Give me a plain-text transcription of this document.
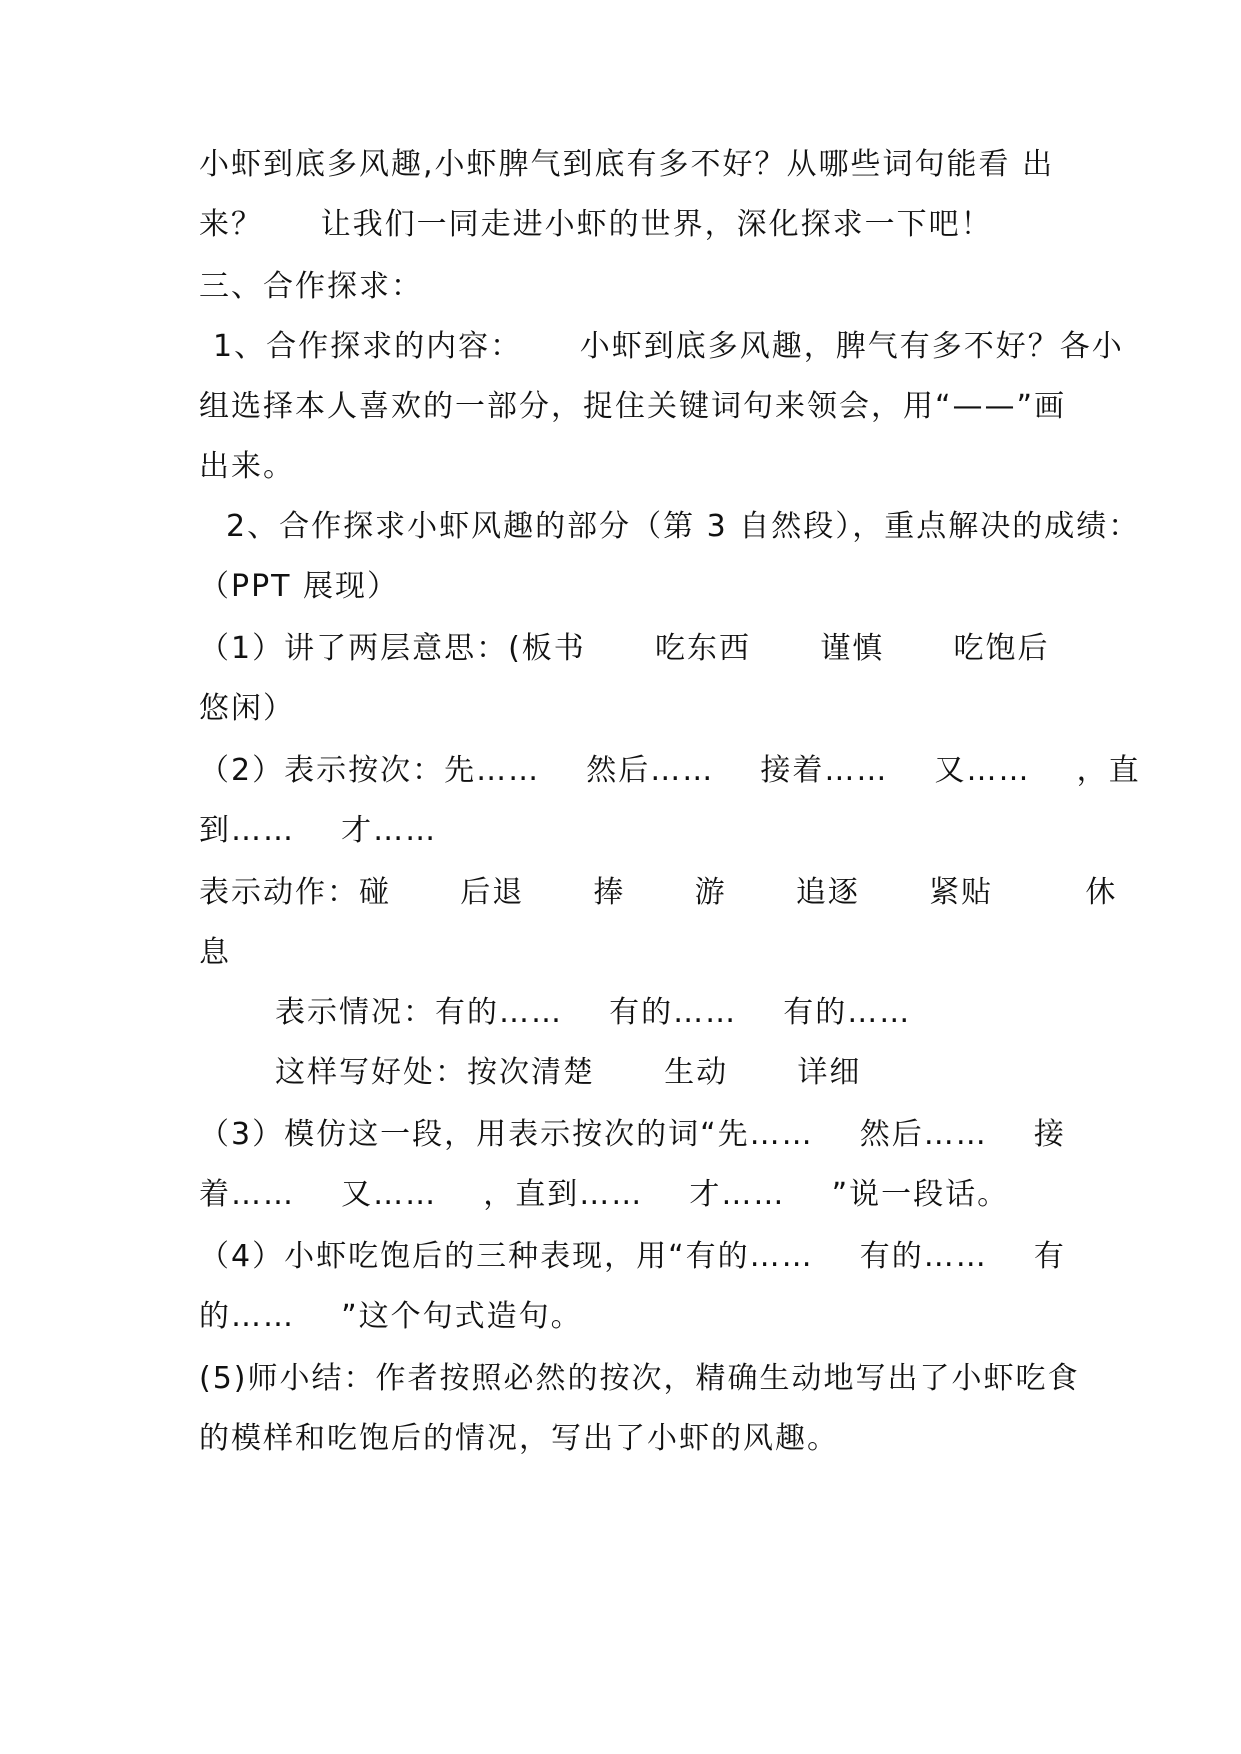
小虾到底多风趣,小虾脾气到底有多不好？从哪些词句能看 出
来？     让我们一同走进小虾的世界，深化探求一下吧！
三、合作探求：
1、合作探求的内容：     小虾到底多风趣，脾气有多不好？各小
组选择本人喜欢的一部分，捉住关键词句来领会，用“——”画
出来。
2、合作探求小虾风趣的部分（第 3 自然段），重点解决的成绩：
（PPT 展现）
（1）讲了两层意思：(板书      吃东西      谨慎      吃饱后
悠闲）
（2）表示按次：先……    然后……    接着……    又……    ，直
到……    才……
表示动作：碰      后退      捧      游      追逐      紧贴        休
息
表示情况：有的……    有的……    有的……
这样写好处：按次清楚      生动      详细
（3）模仿这一段，用表示按次的词“先……    然后……    接
着……    又……    ，直到……    才……    ”说一段话。
（4）小虾吃饱后的三种表现，用“有的……    有的……    有
的……    ”这个句式造句。
(5)师小结：作者按照必然的按次，精确生动地写出了小虾吃食
的模样和吃饱后的情况，写出了小虾的风趣。
